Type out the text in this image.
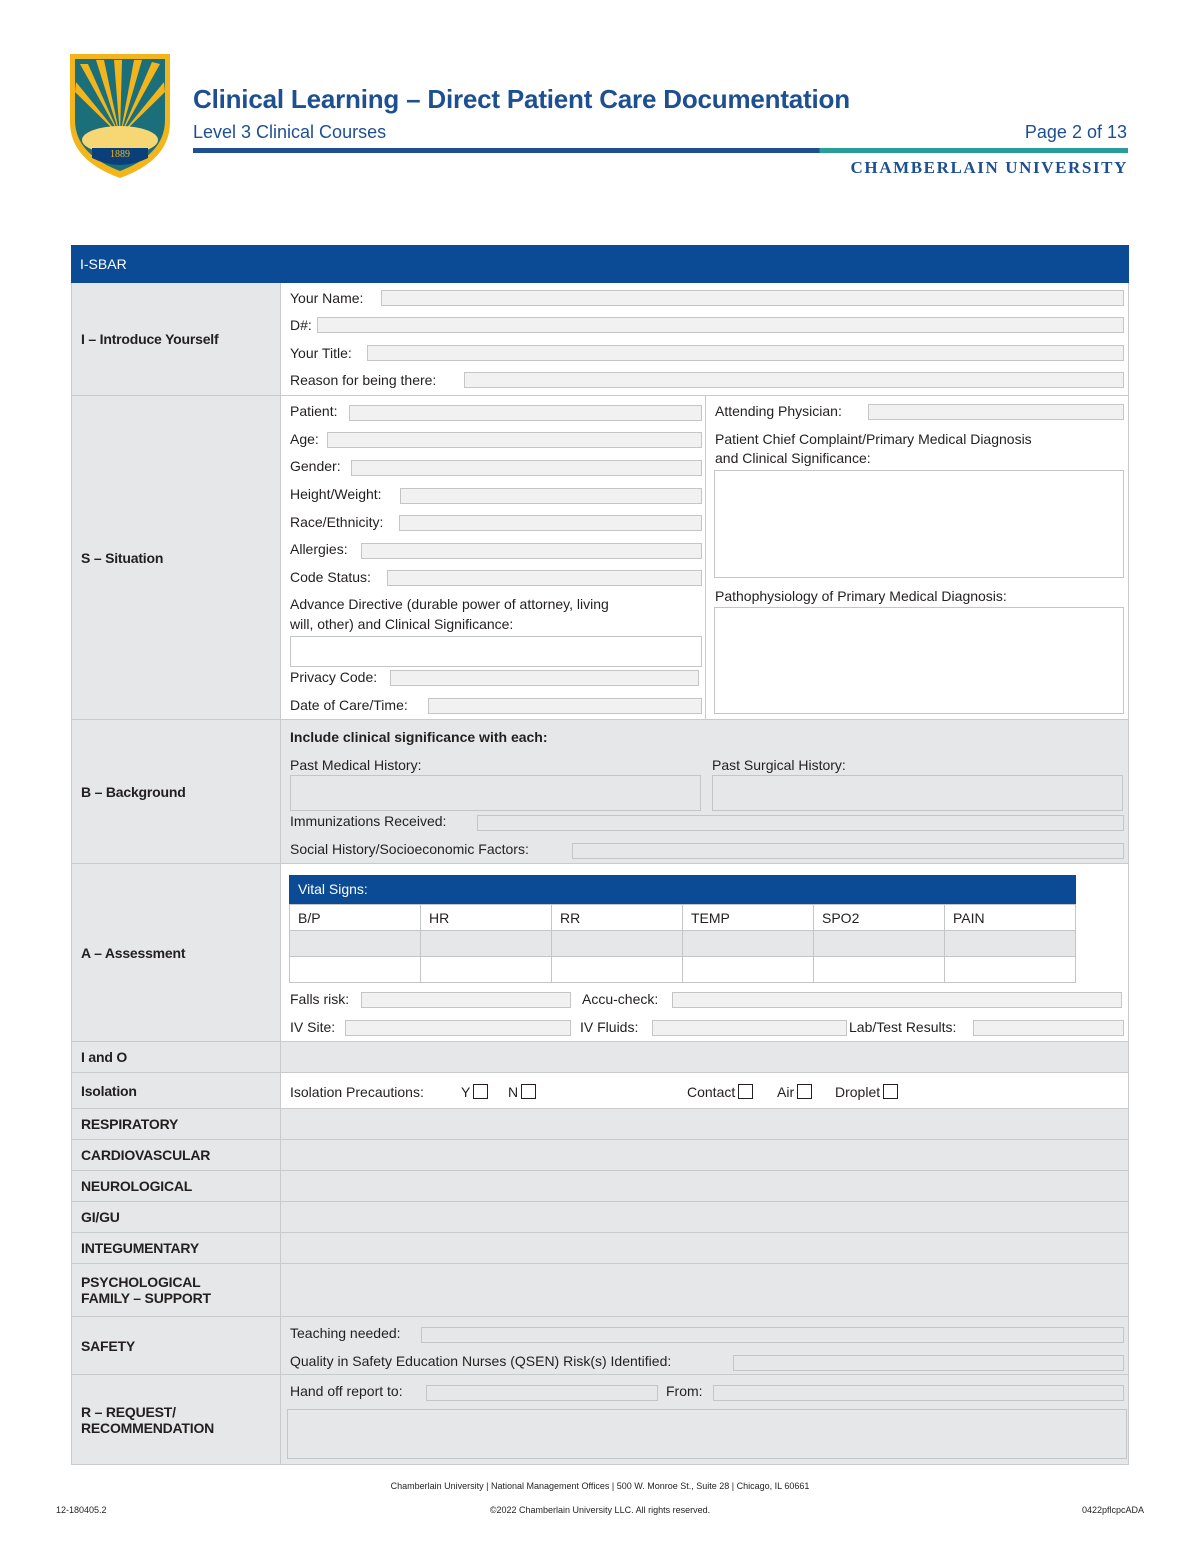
1889
Clinical Learning – Direct Patient Care Documentation
Level 3 Clinical Courses	Page 2 of 13
CHAMBERLAIN UNIVERSITY
I-SBAR
I – Introduce Yourself
Your Name:
D#:
Your Title:
Reason for being there:
S – Situation
Patient:
Age:
Gender:
Height/Weight:
Race/Ethnicity:
Allergies:
Code Status:
Advance Directive (durable power of attorney, living
will, other) and Clinical Significance:
Privacy Code:
Date of Care/Time:
Attending Physician:
Patient Chief Complaint/Primary Medical Diagnosis
and Clinical Significance:
Pathophysiology of Primary Medical Diagnosis:
B – Background
Include clinical significance with each:
Past Medical History:	Past Surgical History:
Immunizations Received:
Social History/Socioeconomic Factors:
A – Assessment
Vital Signs:
B/P	HR	RR	TEMP	SPO2	PAIN

Falls risk:	Accu-check:
IV Site:	IV Fluids:	Lab/Test Results:
I and O
Isolation	Isolation Precautions:	Y	N	Contact	Air	Droplet
RESPIRATORY
CARDIOVASCULAR
NEUROLOGICAL
GI/GU
INTEGUMENTARY
PSYCHOLOGICAL
FAMILY – SUPPORT
SAFETY
Teaching needed:
Quality in Safety Education Nurses (QSEN) Risk(s) Identified:
R – REQUEST/
RECOMMENDATION
Hand off report to:	From:
Chamberlain University | National Management Offices | 500 W. Monroe St., Suite 28 | Chicago, IL 60661
12-180405.2	©2022 Chamberlain University LLC. All rights reserved.	0422pflcpcADA
